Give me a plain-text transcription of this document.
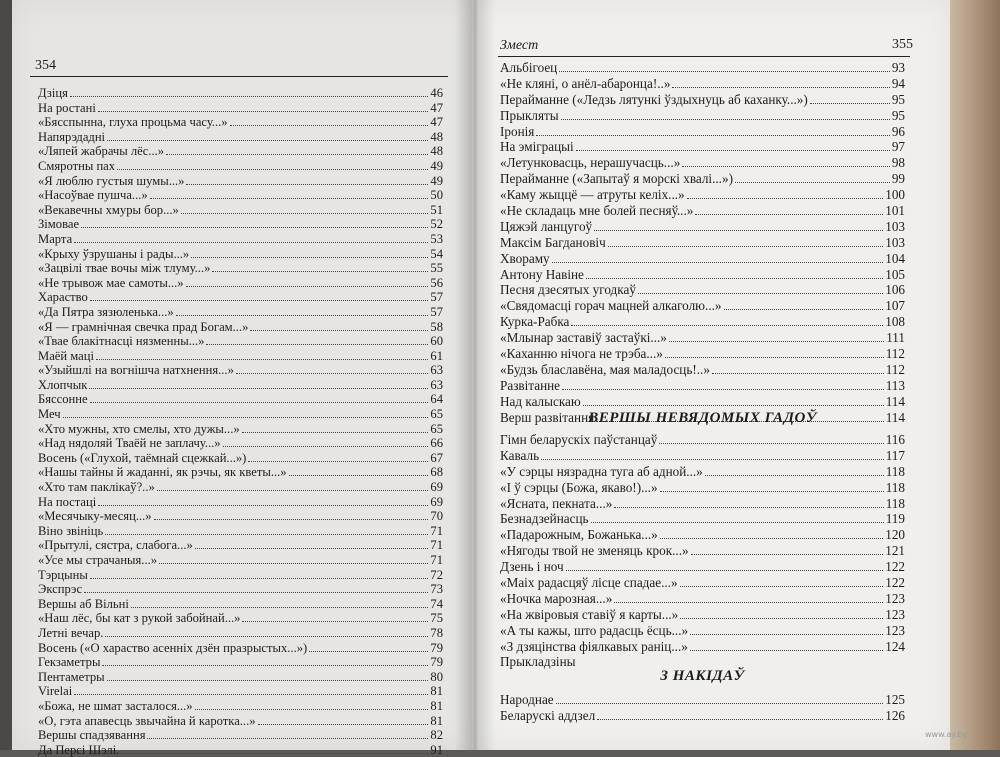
354
Дзіця	46
На ростані	47
«Бясспынна, глуха процьма часу...»	47
Напярэдадні	48
«Ляпей жабрачы лёс...»	48
Смяротны пах	49
«Я люблю густыя шумы...»	49
«Насоўвае пушча...»	50
«Векавечны хмуры бор...»	51
Зімовае	52
Марта	53
«Крыху ўзрушаны і рады...»	54
«Зацвілі твае вочы між тлуму...»	55
«Не трывож мае самоты...»	56
Харaство	57
«Да Пятра зязюленька...»	57
«Я — грамнічная свечка прад Богам...»	58
«Твае блакітнасці нязменны...»	60
Маёй маці	61
«Узыйшлі на вогнішча натхнення...»	63
Хлопчык	63
Бяссонне	64
Меч	65
«Хто мужны, хто смелы, хто дужы...»	65
«Над нядоляй Тваёй не заплачу...»	66
Восень («Глухой, таёмнай сцежкай...»)	67
«Нашы тайны й жаданні, як рэчы, як кветы...»	68
«Хто там паклікаў?..»	69
На постаці	69
«Месячыку-месяц...»	70
Віно звініць	71
«Прытулі, сястра, слабога...»	71
«Усе мы страчаныя...»	71
Тэрцыны	72
Экспрэс	73
Вершы аб Вільні	74
«Наш лёс, бы кат з рукой забойнай...»	75
Летні вечар.	78
Восень («О харaство асенніх дзён празрыстых...»)	79
Гекзаметры	79
Пентаметры	80
Virelai	81
«Божа, не шмат засталося...»	81
«О, гэта апавесць звычайна й каротка...»	81
Вершы спадзявання	82
Да Персі Шэлі.	91
Змест	355
Альбігоец	93
«Не кляні, о анёл-абаронца!..»	94
Перайманне («Ледзь лятункі ўздыхнуць аб каханку...»)	95
Прыкляты	95
Іронія	96
На эміграцыі	97
«Летунковасць, нерашучасць...»	98
Перайманне («Запытаў я морскі хвалі...»)	99
«Каму жыццё — атруты келіх...»	100
«Не складаць мне болей песняў...»	101
Цяжэй ланцугоў	103
Максім Багдановіч	103
Хвораму	104
Антону Навіне	105
Песня дзесятых угодкаў	106
«Свядомасці горач мацней алкаголю...»	107
Курка-Рабка	108
«Млынар заставіў застаўкі...»	111
«Каханню нічога не трэба...»	112
«Будзь блаславёна, мая маладосць!..»	112
Развітанне	113
Над калыскаю	114
Верш развітання	114
ВЕРШЫ НЕВЯДОМЫХ ГАДОЎ
Гімн беларускіх паўстанцаў	116
Каваль	117
«У сэрцы нязрадна туга аб адной...»	118
«І ў сэрцы (Божа, якаво!)...»	118
«Ясната, пекната...»	118
Безнадзейнасць	119
«Падарожным, Божанька...»	120
«Нягоды твой не зменяць крок...»	121
Дзень і ноч	122
«Маіх радасцяў лісце спадае...»	122
«Ночка марозная...»	123
«На жвіровыя ставіў я карты...»	123
«А ты кажы, што радасць ёсць...»	123
«З дзяцінства фіялкавых раніц...»	124
Прыкладзіны
З НАКІДАЎ
Народнае	125
Беларускі аддзел	126
www.ay.by
